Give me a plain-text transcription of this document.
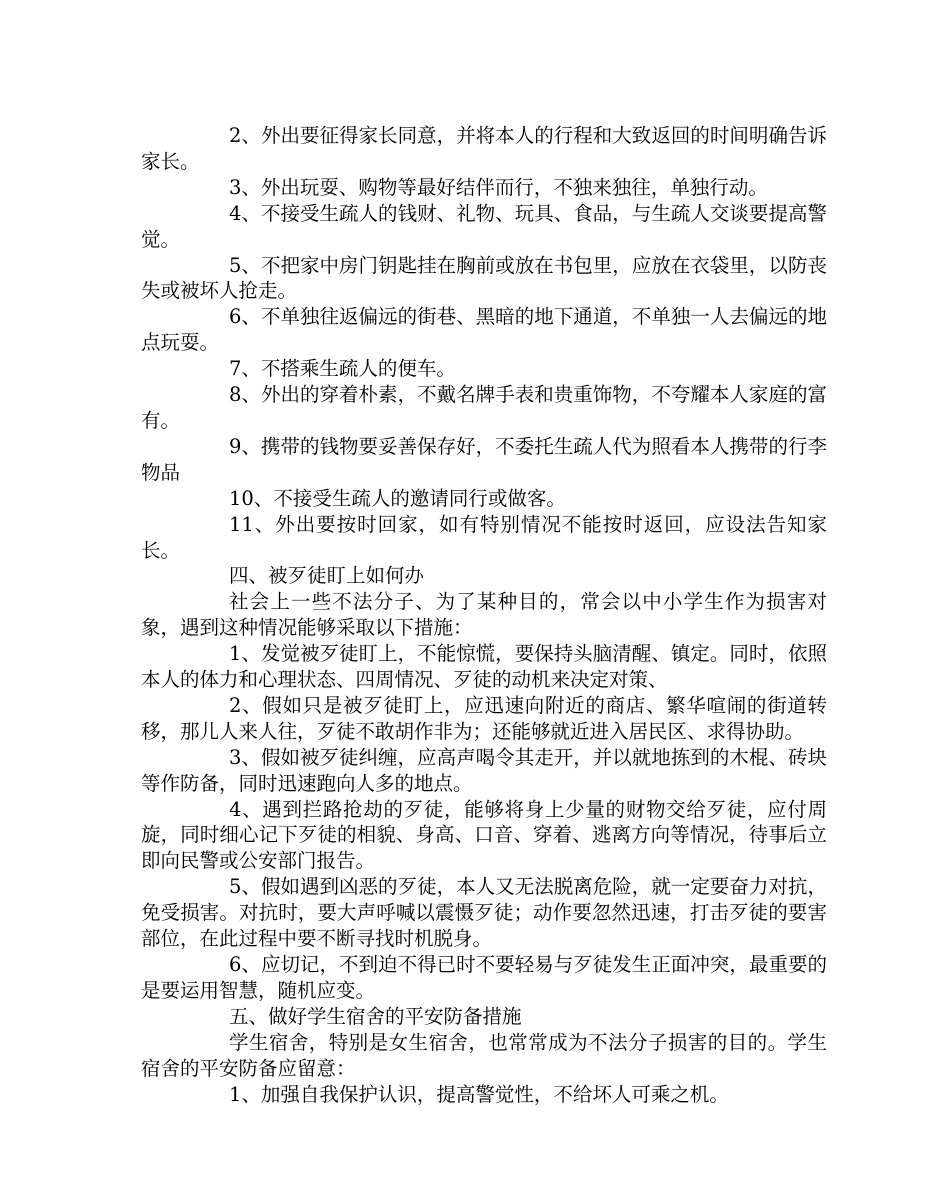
2、外出要征得家长同意，并将本人的行程和大致返回的时间明确告诉家长。

3、外出玩耍、购物等最好结伴而行，不独来独往，单独行动。

4、不接受生疏人的钱财、礼物、玩具、食品，与生疏人交谈要提高警觉。

5、不把家中房门钥匙挂在胸前或放在书包里，应放在衣袋里，以防丧失或被坏人抢走。

6、不单独往返偏远的街巷、黑暗的地下通道，不单独一人去偏远的地点玩耍。

7、不搭乘生疏人的便车。

8、外出的穿着朴素，不戴名牌手表和贵重饰物，不夸耀本人家庭的富有。

9、携带的钱物要妥善保存好，不委托生疏人代为照看本人携带的行李物品

10、不接受生疏人的邀请同行或做客。

11、外出要按时回家，如有特别情况不能按时返回，应设法告知家长。

四、被歹徒盯上如何办

社会上一些不法分子、为了某种目的，常会以中小学生作为损害对象，遇到这种情况能够采取以下措施：

1、发觉被歹徒盯上，不能惊慌，要保持头脑清醒、镇定。同时，依照本人的体力和心理状态、四周情况、歹徒的动机来决定对策、

2、假如只是被歹徒盯上，应迅速向附近的商店、繁华喧闹的街道转移，那儿人来人往，歹徒不敢胡作非为；还能够就近进入居民区、求得协助。

3、假如被歹徒纠缠，应高声喝令其走开，并以就地拣到的木棍、砖块等作防备，同时迅速跑向人多的地点。

4、遇到拦路抢劫的歹徒，能够将身上少量的财物交给歹徒，应付周旋，同时细心记下歹徒的相貌、身高、口音、穿着、逃离方向等情况，待事后立即向民警或公安部门报告。

5、假如遇到凶恶的歹徒，本人又无法脱离危险，就一定要奋力对抗，免受损害。对抗时，要大声呼喊以震慑歹徒；动作要忽然迅速，打击歹徒的要害部位，在此过程中要不断寻找时机脱身。

6、应切记，不到迫不得已时不要轻易与歹徒发生正面冲突，最重要的是要运用智慧，随机应变。

五、做好学生宿舍的平安防备措施

学生宿舍，特别是女生宿舍，也常常成为不法分子损害的目的。学生宿舍的平安防备应留意：

1、加强自我保护认识，提高警觉性，不给坏人可乘之机。
